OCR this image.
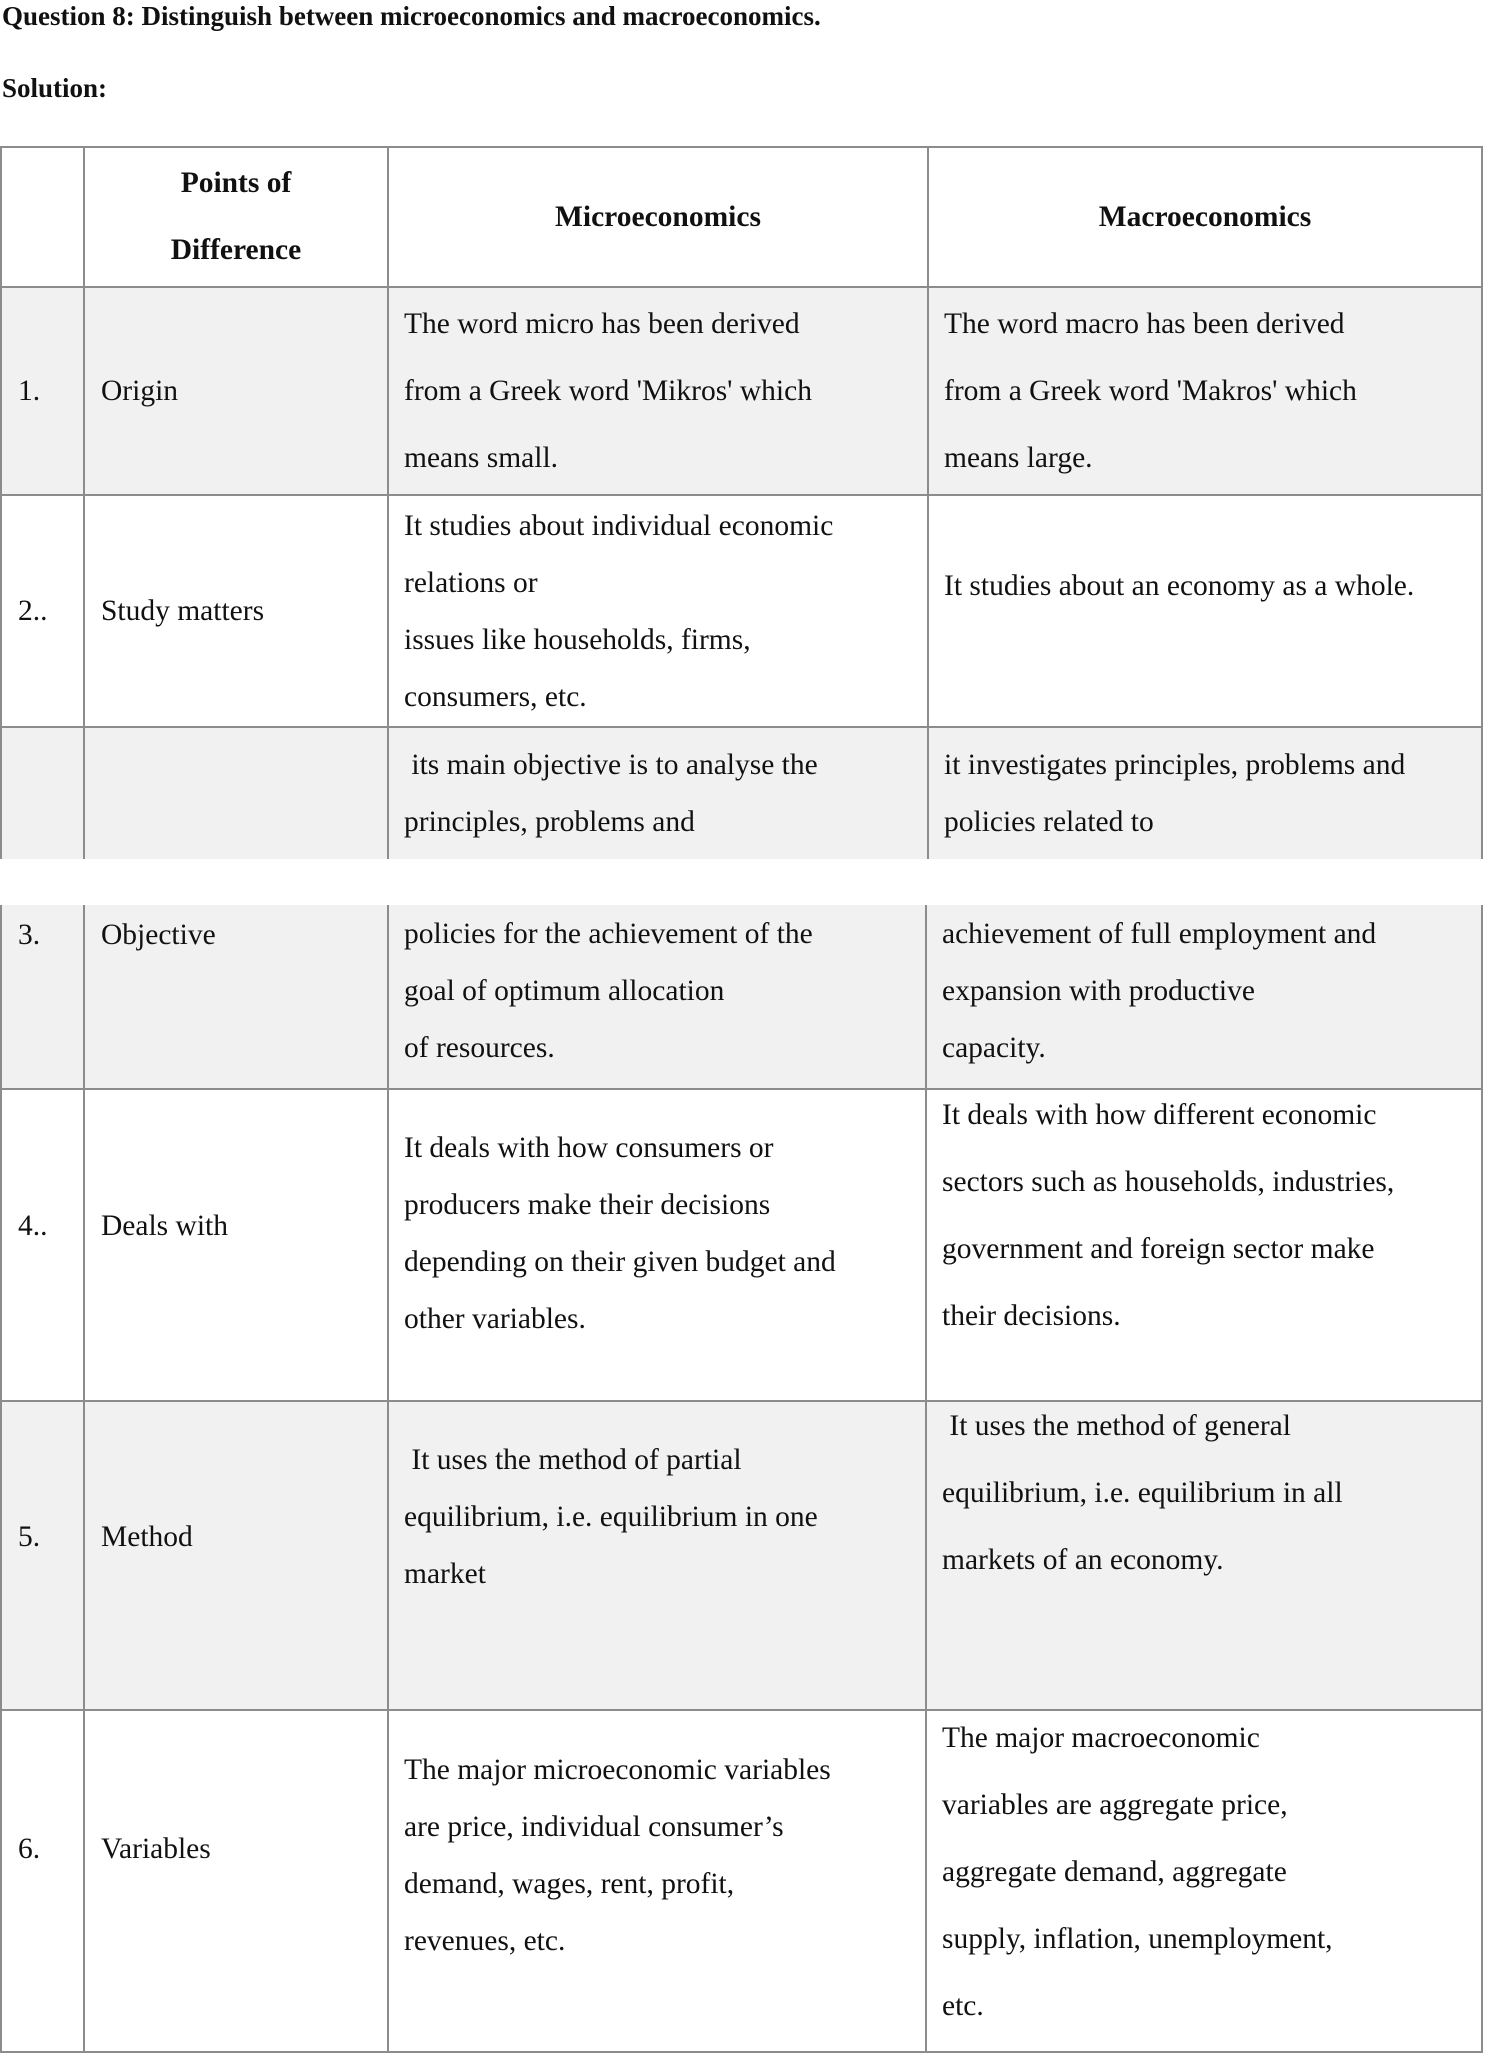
Question 8: Distinguish between microeconomics and macroeconomics.

Solution:

Points of
Difference
Microeconomics	Macroeconomics
1. Origin
The word micro has been derived
from a Greek word 'Mikros' which
means small.
The word macro has been derived
from a Greek word 'Makros' which
means large.
2.. Study matters
It studies about individual economic
relations or
issues like households, firms,
consumers, etc.
It studies about an economy as a whole.
its main objective is to analyse the
principles, problems and
it investigates principles, problems and
policies related to
3. Objective	policies for the achievement of the
goal of optimum allocation
of resources.
achievement of full employment and
expansion with productive
capacity.
4.. Deals with
It deals with how consumers or
producers make their decisions
depending on their given budget and
other variables.
It deals with how different economic
sectors such as households, industries,
government and foreign sector make
their decisions.
5. Method
It uses the method of partial
equilibrium, i.e. equilibrium in one
market
It uses the method of general
equilibrium, i.e. equilibrium in all
markets of an economy.
6. Variables
The major microeconomic variables
are price, individual consumer’s
demand, wages, rent, profit,
revenues, etc.
The major macroeconomic
variables are aggregate price,
aggregate demand, aggregate
supply, inflation, unemployment,
etc.
